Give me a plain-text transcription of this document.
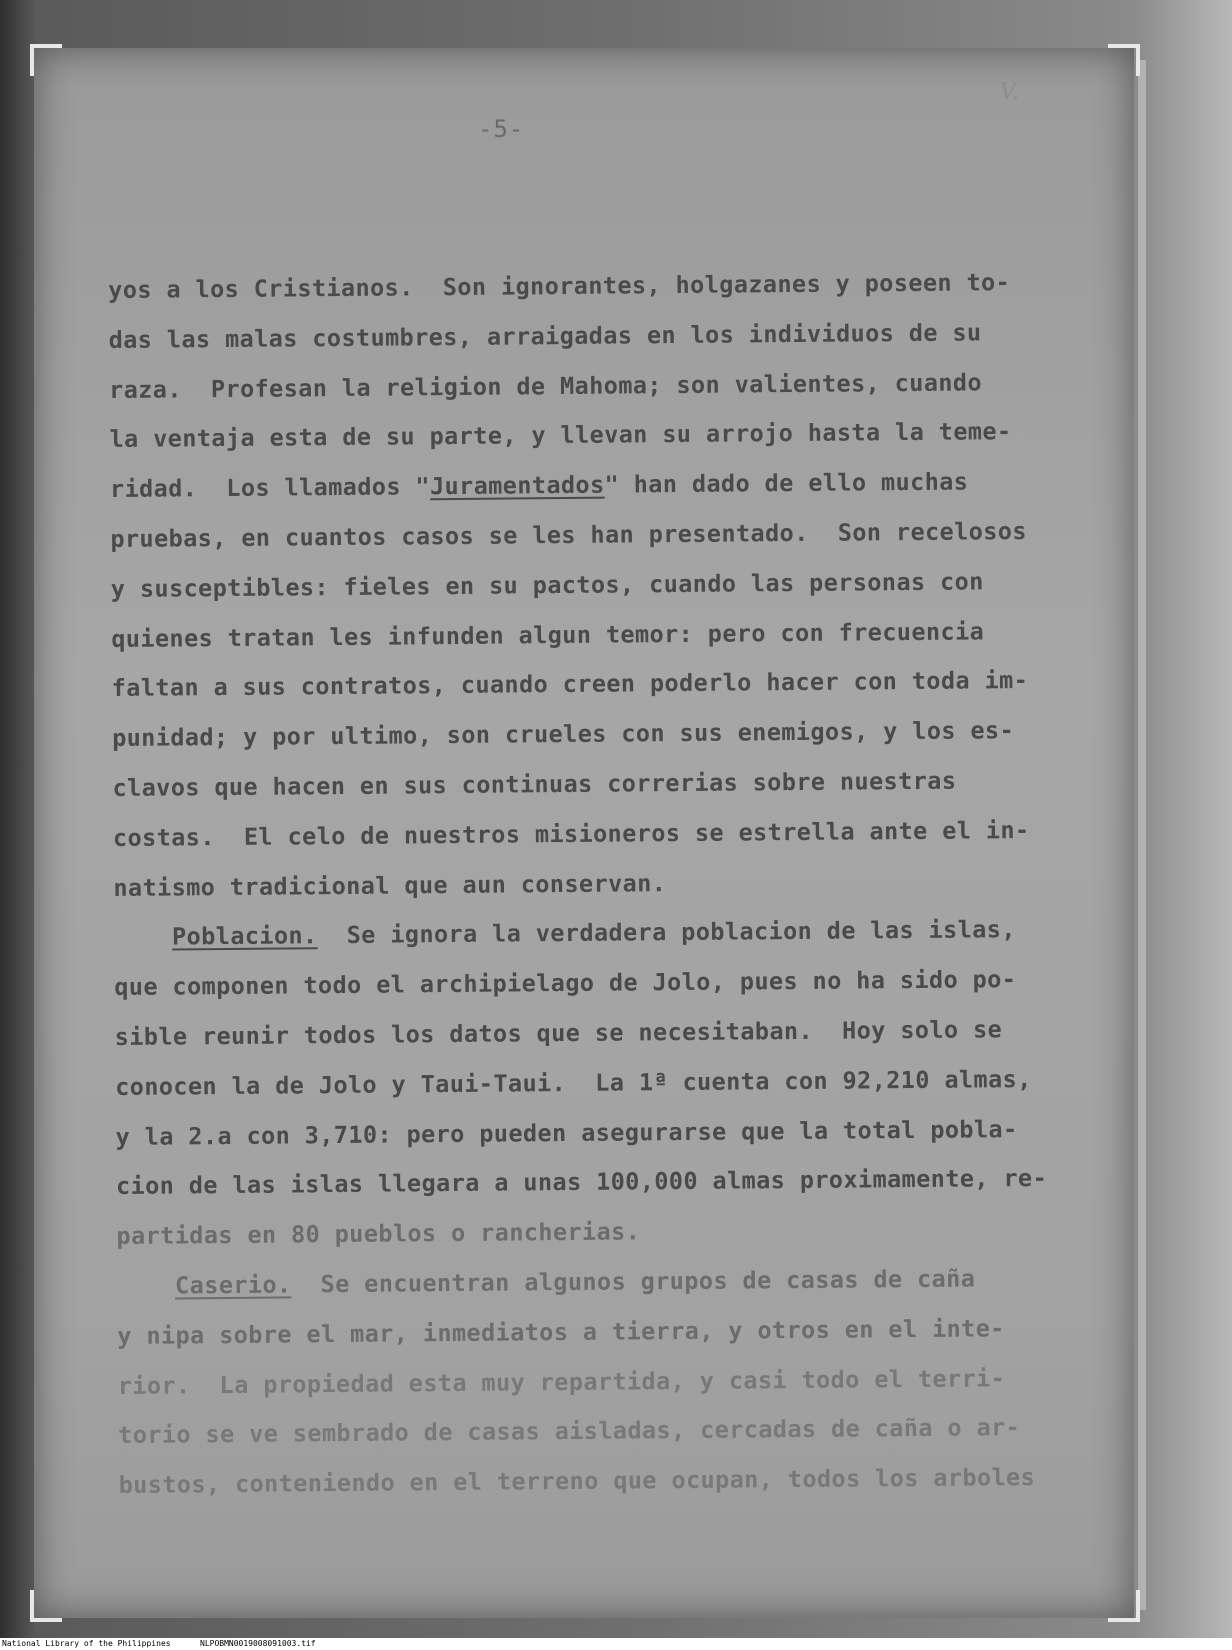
V.
-5-
yos a los Cristianos.  Son ignorantes, holgazanes y poseen to-
das las malas costumbres, arraigadas en los individuos de su
raza.  Profesan la religion de Mahoma; son valientes, cuando
la ventaja esta de su parte, y llevan su arrojo hasta la teme-
ridad.  Los llamados "Juramentados" han dado de ello muchas
pruebas, en cuantos casos se les han presentado.  Son recelosos
y susceptibles: fieles en su pactos, cuando las personas con
quienes tratan les infunden algun temor: pero con frecuencia
faltan a sus contratos, cuando creen poderlo hacer con toda im-
punidad; y por ultimo, son crueles con sus enemigos, y los es-
clavos que hacen en sus continuas correrias sobre nuestras
costas.  El celo de nuestros misioneros se estrella ante el in-
natismo tradicional que aun conservan.
Poblacion.  Se ignora la verdadera poblacion de las islas,
que componen todo el archipielago de Jolo, pues no ha sido po-
sible reunir todos los datos que se necesitaban.  Hoy solo se
conocen la de Jolo y Taui-Taui.  La 1ª cuenta con 92,210 almas,
y la 2.a con 3,710: pero pueden asegurarse que la total pobla-
cion de las islas llegara a unas 100,000 almas proximamente, re-
partidas en 80 pueblos o rancherias.
Caserio.  Se encuentran algunos grupos de casas de caña
y nipa sobre el mar, inmediatos a tierra, y otros en el inte-
rior.  La propiedad esta muy repartida, y casi todo el terri-
torio se ve sembrado de casas aisladas, cercadas de caña o ar-
bustos, conteniendo en el terreno que ocupan, todos los arboles
National Library of the Philippines	NLPOBMN0019008091003.tif
